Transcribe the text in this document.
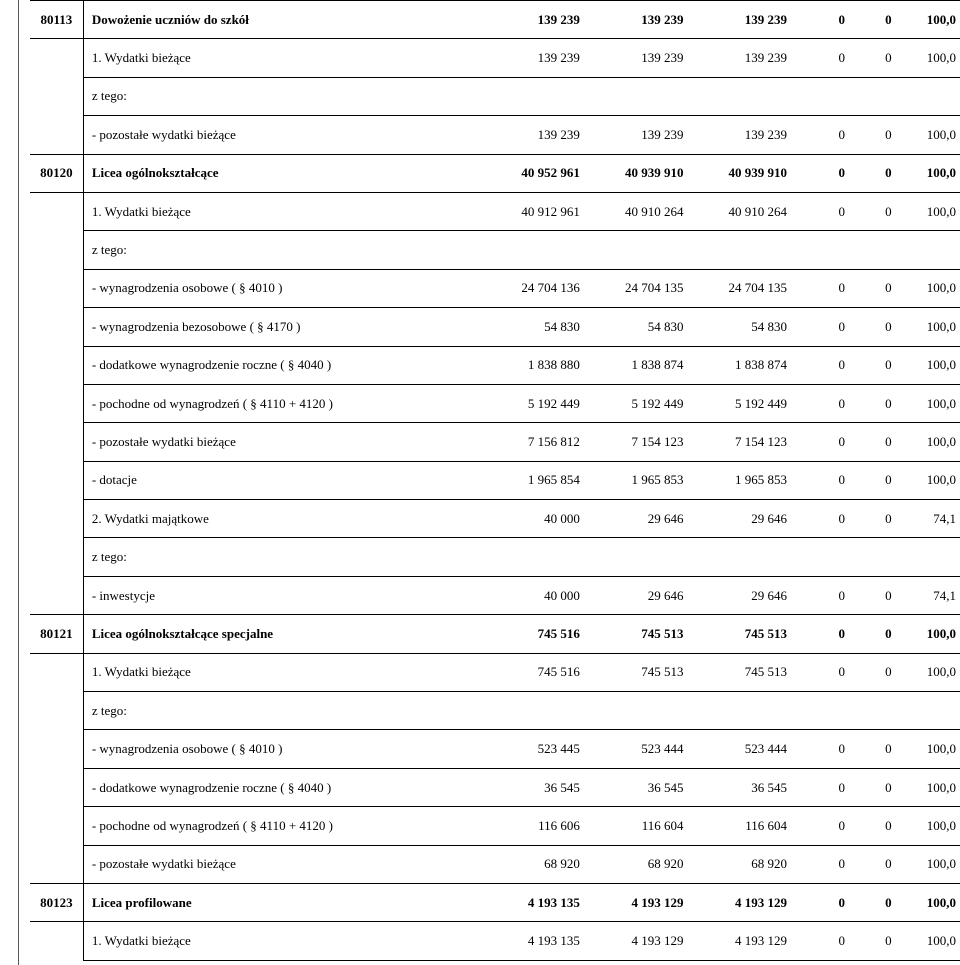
80113	Dowożenie uczniów do szkół	139 239	139 239	139 239	0	0	100,0
	1. Wydatki bieżące	139 239	139 239	139 239	0	0	100,0
	z tego:						
	- pozostałe wydatki bieżące	139 239	139 239	139 239	0	0	100,0
80120	Licea ogólnokształcące	40 952 961	40 939 910	40 939 910	0	0	100,0
	1. Wydatki bieżące	40 912 961	40 910 264	40 910 264	0	0	100,0
	z tego:						
	- wynagrodzenia osobowe ( § 4010 )	24 704 136	24 704 135	24 704 135	0	0	100,0
	- wynagrodzenia bezosobowe ( § 4170 )	54 830	54 830	54 830	0	0	100,0
	- dodatkowe wynagrodzenie roczne ( § 4040 )	1 838 880	1 838 874	1 838 874	0	0	100,0
	- pochodne od wynagrodzeń ( § 4110 + 4120 )	5 192 449	5 192 449	5 192 449	0	0	100,0
	- pozostałe wydatki bieżące	7 156 812	7 154 123	7 154 123	0	0	100,0
	- dotacje	1 965 854	1 965 853	1 965 853	0	0	100,0
	2. Wydatki majątkowe	40 000	29 646	29 646	0	0	74,1
	z tego:						
	- inwestycje	40 000	29 646	29 646	0	0	74,1
80121	Licea ogólnokształcące specjalne	745 516	745 513	745 513	0	0	100,0
	1. Wydatki bieżące	745 516	745 513	745 513	0	0	100,0
	z tego:						
	- wynagrodzenia osobowe ( § 4010 )	523 445	523 444	523 444	0	0	100,0
	- dodatkowe wynagrodzenie roczne ( § 4040 )	36 545	36 545	36 545	0	0	100,0
	- pochodne od wynagrodzeń ( § 4110 + 4120 )	116 606	116 604	116 604	0	0	100,0
	- pozostałe wydatki bieżące	68 920	68 920	68 920	0	0	100,0
80123	Licea profilowane	4 193 135	4 193 129	4 193 129	0	0	100,0
	1. Wydatki bieżące	4 193 135	4 193 129	4 193 129	0	0	100,0
